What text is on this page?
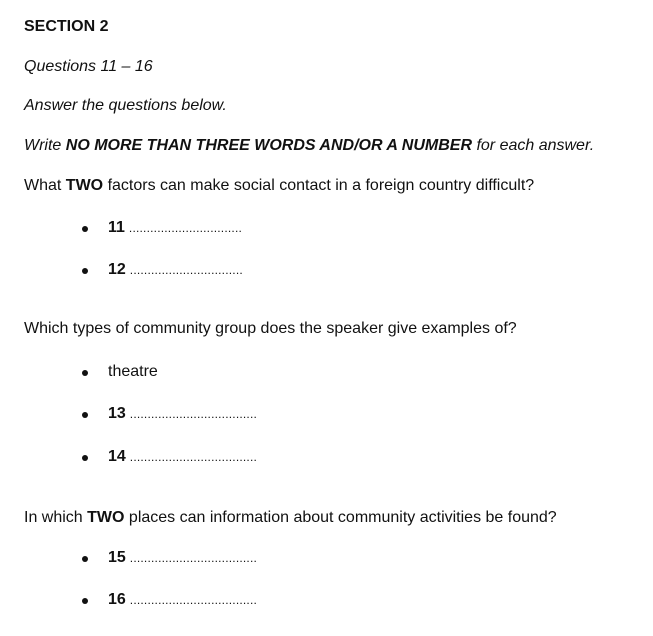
SECTION 2
Questions 11 – 16
Answer the questions below.
Write NO MORE THAN THREE WORDS AND/OR A NUMBER for each answer.
What TWO factors can make social contact in a foreign country difficult?
11 ................................
12 ................................
Which types of community group does the speaker give examples of?
theatre
13 ....................................
14 ....................................
In which TWO places can information about community activities be found?
15 ....................................
16 ....................................
